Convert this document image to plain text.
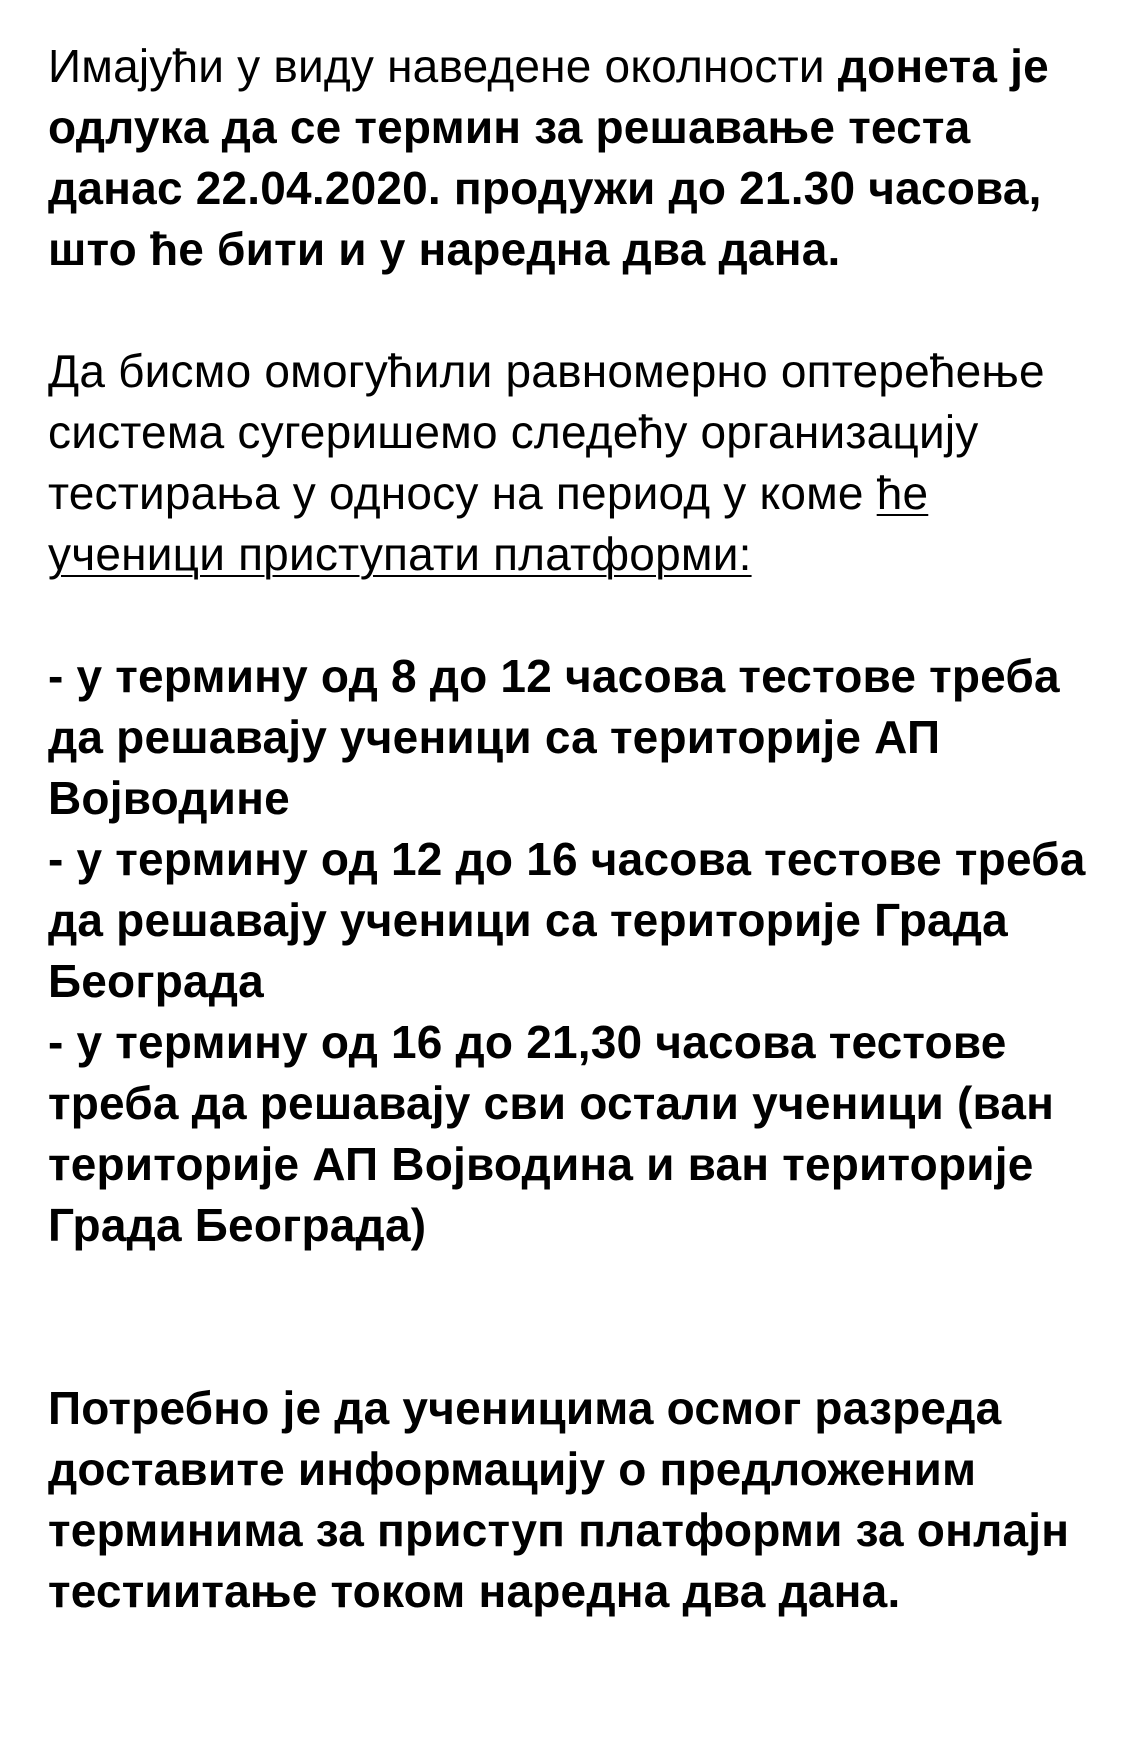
Имајући у виду наведене околности донета је одлука да се термин за решавање теста данас 22.04.2020. продужи до 21.30 часова, што ће бити и у наредна два дана.

Да бисмо омогућили равномерно оптерећење система сугеришемо следећу организацију тестирања у односу на период у коме ће ученици приступати платформи:

- у термину од 8 до 12 часова тестове треба да решавају ученици са територије АП Војводине

- у термину од 12 до 16 часова тестове треба да решавају ученици са територије Града Београда

- у термину од 16 до 21,30 часова тестове треба да решавају сви остали ученици (ван територије АП Војводина и ван територије Града Београда)

Потребно је да ученицима осмог разреда доставите информацију о предложеним терминима за приступ платформи за онлајн тестиитање током наредна два дана.
